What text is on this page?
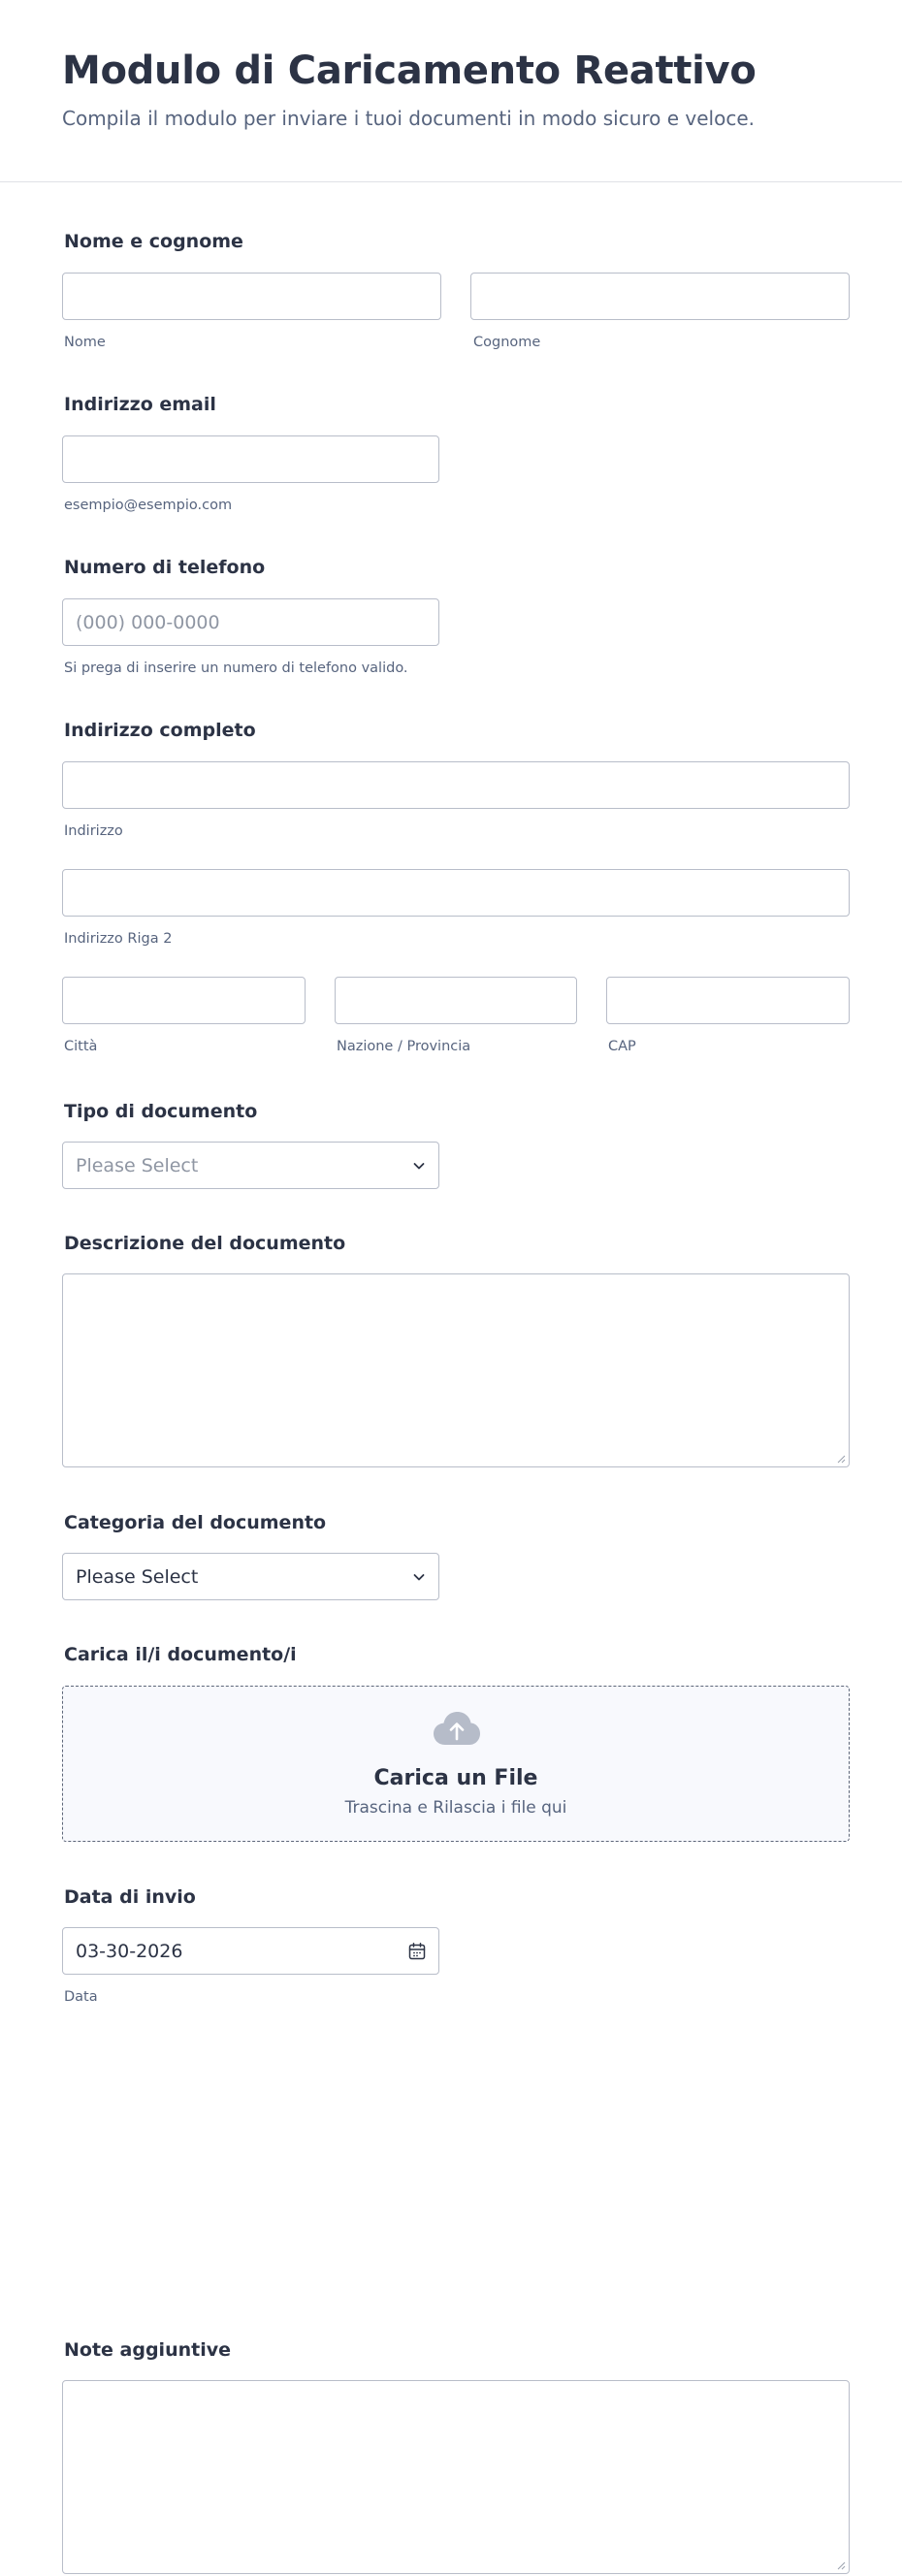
Modulo di Caricamento Reattivo
Compila il modulo per inviare i tuoi documenti in modo sicuro e veloce.
Nome e cognome
Nome	Cognome
Indirizzo email
esempio@esempio.com
Numero di telefono
(000) 000-0000
Si prega di inserire un numero di telefono valido.
Indirizzo completo
Indirizzo
Indirizzo Riga 2
Città	Nazione / Provincia	CAP
Tipo di documento
Please Select
Descrizione del documento
Categoria del documento
Please Select
Carica il/i documento/i
Carica un File
Trascina e Rilascia i file qui
Data di invio
03-30-2026
Data
Note aggiuntive
